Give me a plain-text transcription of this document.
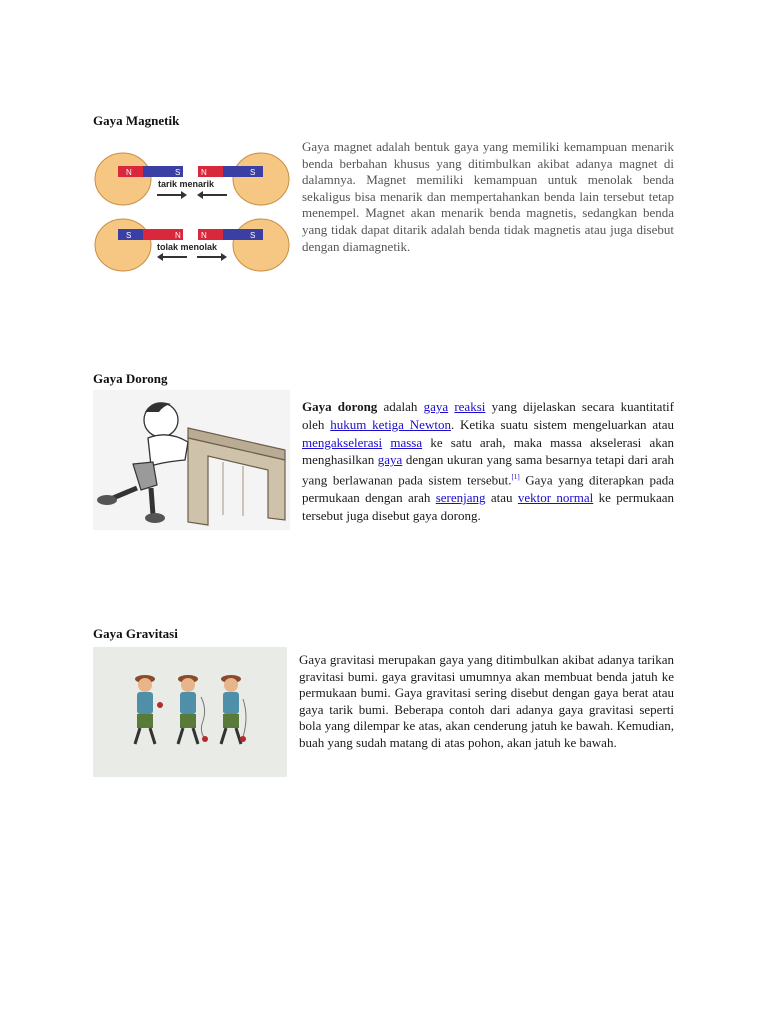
Gaya Magnetik
N	S	N	S
tarik menarik
S	N	N	S
tolak menolak
Gaya magnet adalah bentuk gaya yang memiliki kemampuan menarik benda berbahan khusus yang ditimbulkan akibat adanya magnet di dalamnya. Magnet memiliki kemampuan untuk menolak benda sekaligus bisa menarik dan mempertahankan benda lain tersebut tetap menempel. Magnet akan menarik benda magnetis, sedangkan benda yang tidak dapat ditarik adalah benda tidak magnetis atau juga disebut dengan diamagnetik.
Gaya Dorong
Gaya dorong adalah gaya reaksi yang dijelaskan secara kuantitatif oleh hukum ketiga Newton. Ketika suatu sistem mengeluarkan atau mengakselerasi massa ke satu arah, maka massa akselerasi akan menghasilkan gaya dengan ukuran yang sama besarnya tetapi dari arah yang berlawanan pada sistem tersebut.[1] Gaya yang diterapkan pada permukaan dengan arah serenjang atau vektor normal ke permukaan tersebut juga disebut gaya dorong.
Gaya Gravitasi
Gaya gravitasi merupakan gaya yang ditimbulkan akibat adanya tarikan gravitasi bumi. gaya gravitasi umumnya akan membuat benda jatuh ke permukaan bumi. Gaya gravitasi sering disebut dengan gaya berat atau gaya tarik bumi. Beberapa contoh dari adanya gaya gravitasi seperti bola yang dilempar ke atas, akan cenderung jatuh ke bawah. Kemudian, buah yang sudah matang di atas pohon, akan jatuh ke bawah.
